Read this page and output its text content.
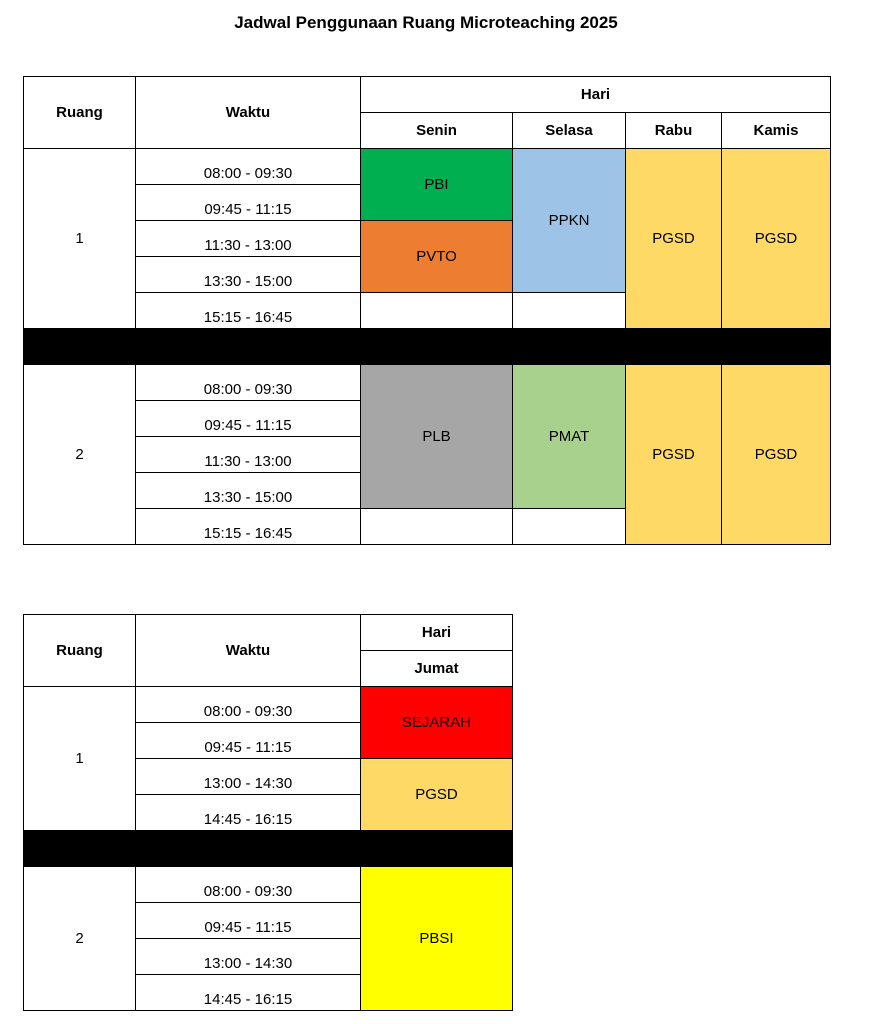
Jadwal Penggunaan Ruang Microteaching 2025
Ruang	Waktu	Hari			
		Senin	Selasa	Rabu	Kamis
1	08:00 - 09:30	PBI	PPKN	PGSD	PGSD
	09:45 - 11:15				
	11:30 - 13:00	PVTO			
	13:30 - 15:00				
	15:15 - 16:45				

2	08:00 - 09:30	PLB	PMAT	PGSD	PGSD
	09:45 - 11:15				
	11:30 - 13:00				
	13:30 - 15:00				
	15:15 - 16:45				
Ruang	Waktu	Hari
		Jumat
1	08:00 - 09:30	SEJARAH
	09:45 - 11:15	
	13:00 - 14:30	PGSD
	14:45 - 16:15	

2	08:00 - 09:30	PBSI
	09:45 - 11:15	
	13:00 - 14:30	
	14:45 - 16:15	
